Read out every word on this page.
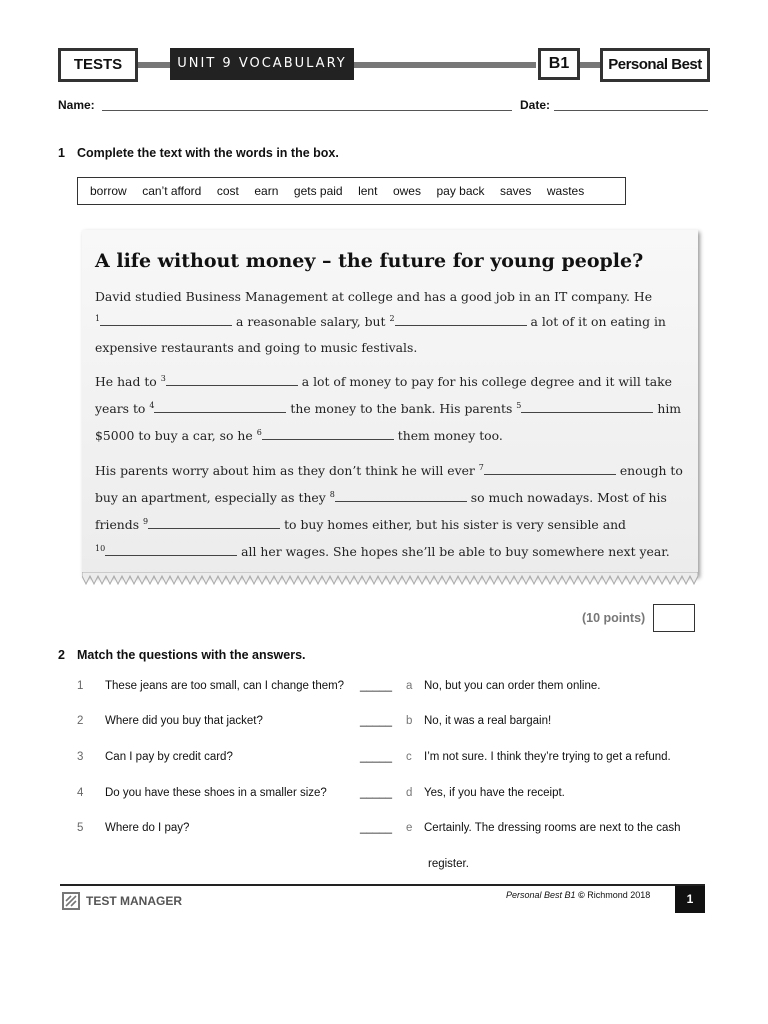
TESTS	UNIT 9 VOCABULARY	B1	Personal Best
Name:	Date:
1 Complete the text with the words in the box.
borrow can’t afford cost earn gets paid lent owes pay back saves wastes
A life without money – the future for young people?
David studied Business Management at college and has a good job in an IT company. He
$^1$	a reasonable salary, but $^2$	a lot of it on eating in
expensive restaurants and going to music festivals.
He had to $^3$	a lot of money to pay for his college degree and it will take
years to $^4$	the money to the bank. His parents $^5$	him
$5000 to buy a car, so he $^6$	them money too.
His parents worry about him as they don’t think he will ever $^7$	enough to
buy an apartment, especially as they $^8$	so much nowadays. Most of his
friends $^9$	to buy homes either, but his sister is very sensible and
$^{10}$	all her wages. She hopes she’ll be able to buy somewhere next year.
(10 points)
2 Match the questions with the answers.
1 These jeans are too small, can I change them? _____ a No, but you can order them online.
2 Where did you buy that jacket?	_____ b No, it was a real bargain!
3 Can I pay by credit card?	_____ c I’m not sure. I think they’re trying to get a refund.
4 Do you have these shoes in a smaller size?	_____ d Yes, if you have the receipt.
5 Where do I pay?	_____ e Certainly. The dressing rooms are next to the cash
register.
TEST MANAGER	Personal Best B1 © Richmond 2018	1
